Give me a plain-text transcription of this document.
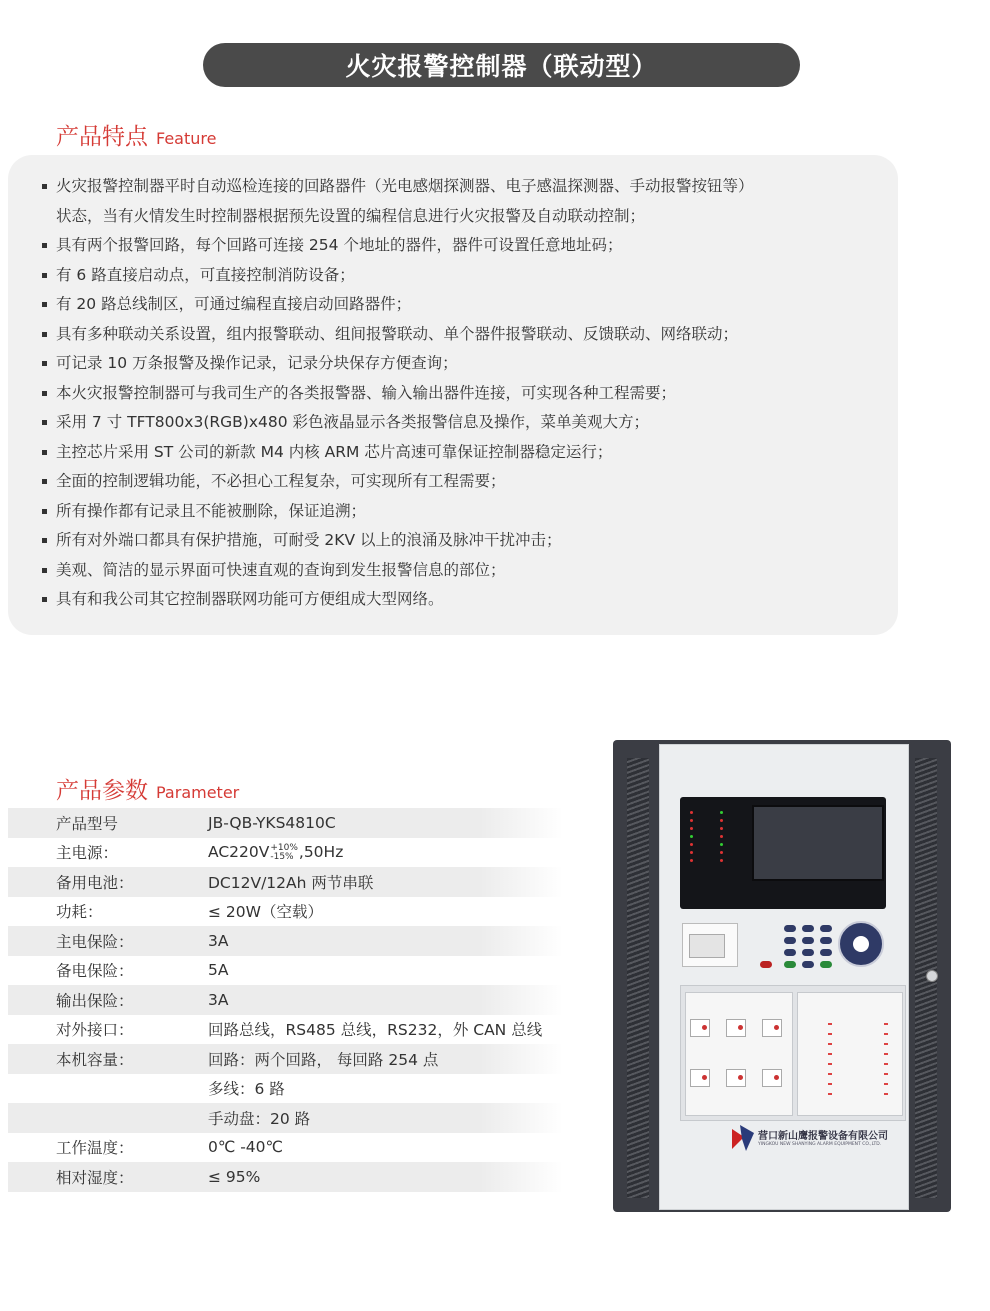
火灾报警控制器（联动型）
产品特点 Feature
火灾报警控制器平时自动巡检连接的回路器件（光电感烟探测器、电子感温探测器、手动报警按钮等）
状态，当有火情发生时控制器根据预先设置的编程信息进行火灾报警及自动联动控制；
具有两个报警回路，每个回路可连接 254 个地址的器件，器件可设置任意地址码；
有 6 路直接启动点，可直接控制消防设备；
有 20 路总线制区，可通过编程直接启动回路器件；
具有多种联动关系设置，组内报警联动、组间报警联动、单个器件报警联动、反馈联动、网络联动；
可记录 10 万条报警及操作记录，记录分块保存方便查询；
本火灾报警控制器可与我司生产的各类报警器、输入输出器件连接，可实现各种工程需要；
采用 7 寸 TFT800x3(RGB)x480 彩色液晶显示各类报警信息及操作，菜单美观大方；
主控芯片采用 ST 公司的新款 M4 内核 ARM 芯片高速可靠保证控制器稳定运行；
全面的控制逻辑功能，不必担心工程复杂，可实现所有工程需要；
所有操作都有记录且不能被删除，保证追溯；
所有对外端口都具有保护措施，可耐受 2KV 以上的浪涌及脉冲干扰冲击；
美观、简洁的显示界面可快速直观的查询到发生报警信息的部位；
具有和我公司其它控制器联网功能可方便组成大型网络。
产品参数 Parameter
产品型号	JB-QB-YKS4810C
主电源：	AC220V +10%
-15% ,50Hz
备用电池：	DC12V/12Ah 两节串联
功耗：	≤ 20W（空载）
主电保险：	3A
备电保险：	5A
输出保险：	3A
对外接口：	回路总线，RS485 总线，RS232，外 CAN 总线
本机容量：	回路：两个回路， 每回路 254 点
多线：6 路
手动盘：20 路
工作温度：	0℃ -40℃
相对湿度：	≤ 95%
营口新山鹰报警设备有限公司
YINGKOU NEW SHANYING ALARM EQUIPMENT CO.,LTD.
